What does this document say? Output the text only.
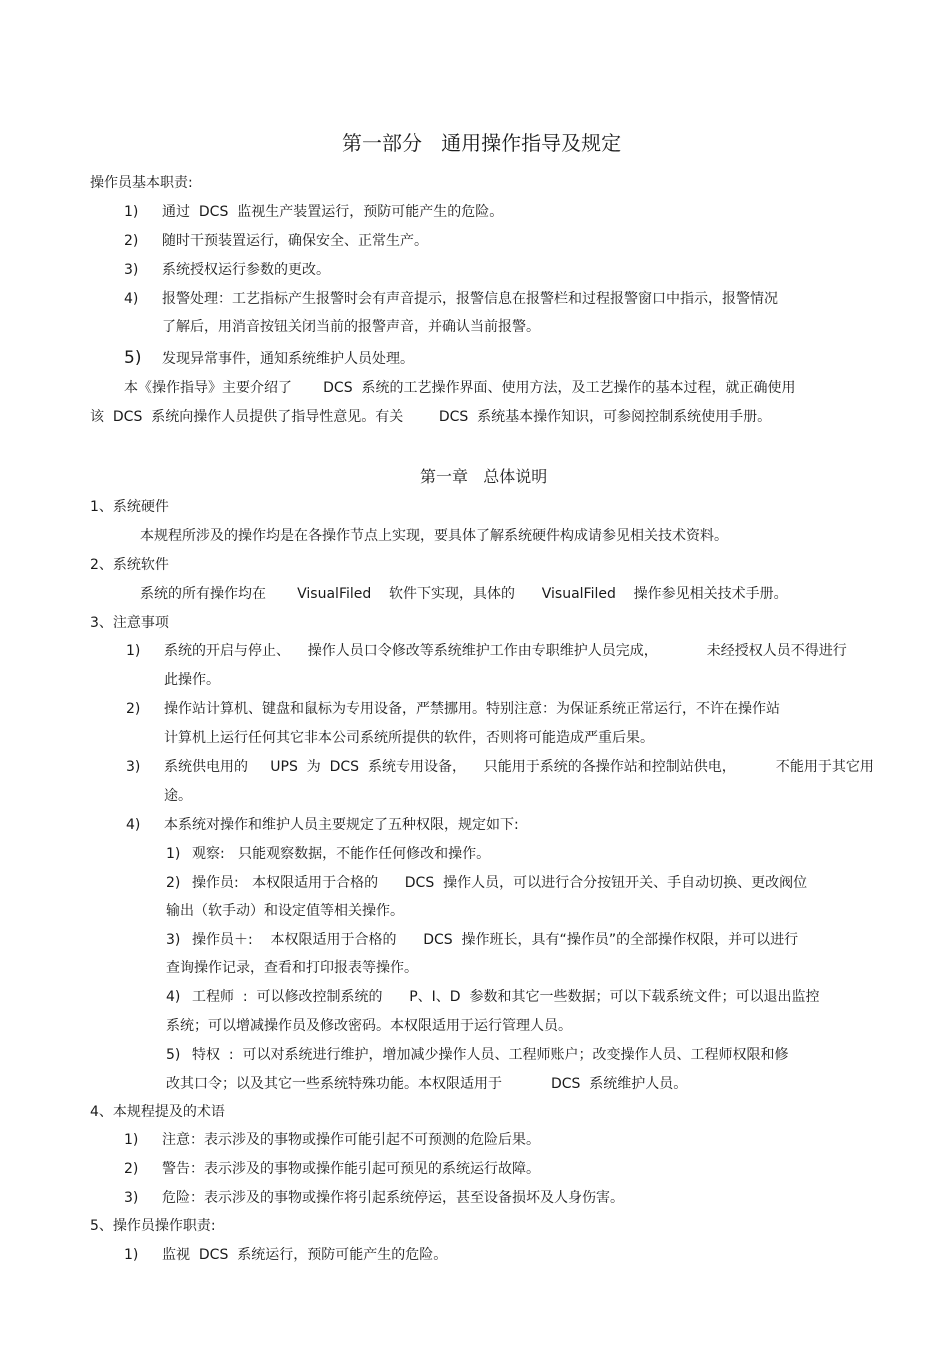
第一部分   通用操作指导及规定
操作员基本职责:
1) 通过  DCS  监视生产装置运行，预防可能产生的危险。
2) 随时干预装置运行，确保安全、正常生产。
3) 系统授权运行参数的更改。
4) 报警处理：工艺指标产生报警时会有声音提示，报警信息在报警栏和过程报警窗口中指示，报警情况
了解后，用消音按钮关闭当前的报警声音，并确认当前报警。
5) 发现异常事件，通知系统维护人员处理。
本《操作指导》主要介绍了       DCS  系统的工艺操作界面、使用方法，及工艺操作的基本过程，就正确使用
该  DCS  系统向操作人员提供了指导性意见。有关        DCS  系统基本操作知识，可参阅控制系统使用手册。
第一章   总体说明
1、系统硬件
本规程所涉及的操作均是在各操作节点上实现，要具体了解系统硬件构成请参见相关技术资料。
2、系统软件
系统的所有操作均在       VisualFiled    软件下实现，具体的      VisualFiled    操作参见相关技术手册。
3、注意事项
1) 系统的开启与停止、    操作人员口令修改等系统维护工作由专职维护人员完成，           未经授权人员不得进行
此操作。
2) 操作站计算机、键盘和鼠标为专用设备，严禁挪用。特别注意：为保证系统正常运行，不许在操作站
计算机上运行任何其它非本公司系统所提供的软件，否则将可能造成严重后果。
3) 系统供电用的     UPS  为  DCS  系统专用设备，    只能用于系统的各操作站和控制站供电，         不能用于其它用
途。
4) 本系统对操作和维护人员主要规定了五种权限，规定如下:
1) 观察:   只能观察数据，不能作任何修改和操作。
2) 操作员:   本权限适用于合格的      DCS  操作人员，可以进行合分按钮开关、手自动切换、更改阀位
输出（软手动）和设定值等相关操作。
3) 操作员＋:    本权限适用于合格的      DCS  操作班长，具有“操作员”的全部操作权限，并可以进行
查询操作记录，查看和打印报表等操作。
4) 工程师  :  可以修改控制系统的      P、I、D  参数和其它一些数据；可以下载系统文件；可以退出监控
系统；可以增减操作员及修改密码。本权限适用于运行管理人员。
5) 特权  :  可以对系统进行维护，增加减少操作人员、工程师账户；改变操作人员、工程师权限和修
改其口令；以及其它一些系统特殊功能。本权限适用于           DCS  系统维护人员。
4、本规程提及的术语
1) 注意：表示涉及的事物或操作可能引起不可预测的危险后果。
2) 警告：表示涉及的事物或操作能引起可预见的系统运行故障。
3) 危险：表示涉及的事物或操作将引起系统停运，甚至设备损坏及人身伤害。
5、操作员操作职责:
1) 监视  DCS  系统运行，预防可能产生的危险。
